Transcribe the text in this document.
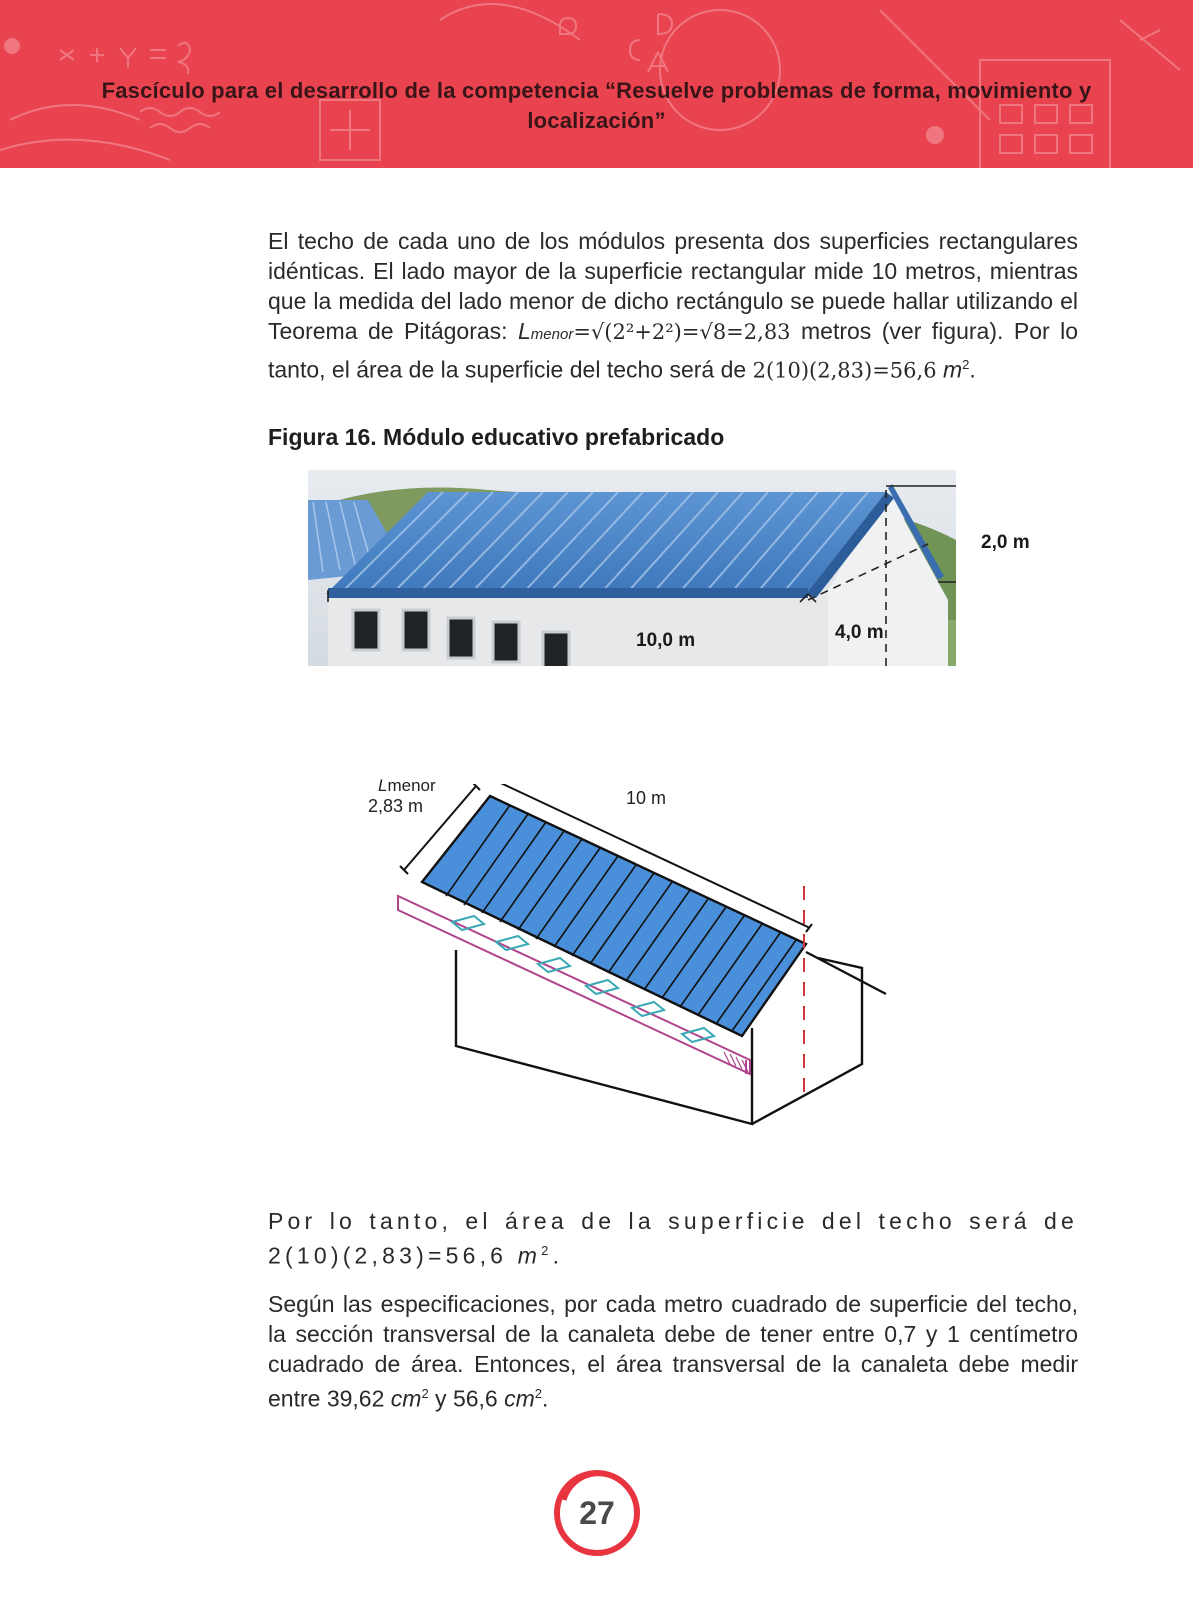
Fascículo para el desarrollo de la competencia “Resuelve problemas de forma, movimiento y localización”
El techo de cada uno de los módulos presenta dos superficies rectangulares idénticas. El lado mayor de la superficie rectangular mide 10 metros, mientras que la medida del lado menor de dicho rectángulo se puede hallar utilizando el Teorema de Pitágoras: Lmenor=√(2²+2²)=√8=2,83 metros (ver figura). Por lo tanto, el área de la superficie del techo será de 2(10)(2,83)=56,6 $m^2$.
Figura 16. Módulo educativo prefabricado
10,0 m	4,0 m
2,0 m
Lmenor
2,83 m	10 m
Por lo tanto, el área de la superficie del techo será de
2(10)(2,83)=56,6 $m^2$.
Según las especificaciones, por cada metro cuadrado de superficie del techo, la sección transversal de la canaleta debe de tener entre 0,7 y 1 centímetro cuadrado de área. Entonces, el área transversal de la canaleta debe medir entre 39,62 $cm^2$ y 56,6 $cm^2$.
27
